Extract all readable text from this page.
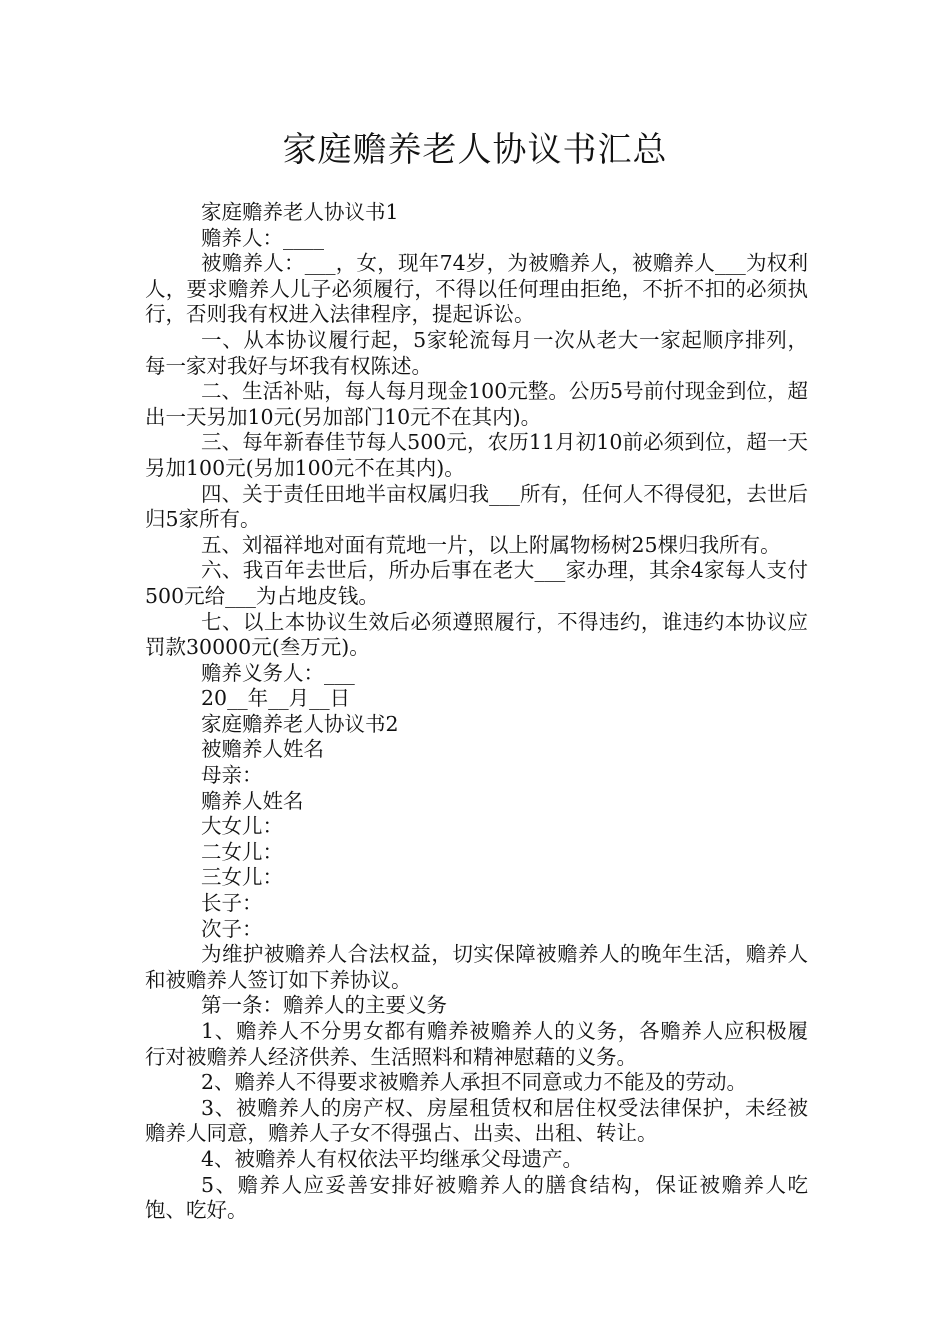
家庭赡养老人协议书汇总

家庭赡养老人协议书1

赡养人：____

被赡养人：___，女，现年74岁，为被赡养人，被赡养人___为权利人，要求赡养人儿子必须履行，不得以任何理由拒绝，不折不扣的必须执行，否则我有权进入法律程序，提起诉讼。

一、从本协议履行起，5家轮流每月一次从老大一家起顺序排列，每一家对我好与坏我有权陈述。

二、生活补贴，每人每月现金100元整。公历5号前付现金到位，超出一天另加10元(另加部门10元不在其内)。

三、每年新春佳节每人500元，农历11月初10前必须到位，超一天另加100元(另加100元不在其内)。

四、关于责任田地半亩权属归我___所有，任何人不得侵犯，去世后归5家所有。

五、刘福祥地对面有荒地一片，以上附属物杨树25棵归我所有。

六、我百年去世后，所办后事在老大___家办理，其余4家每人支付500元给___为占地皮钱。

七、以上本协议生效后必须遵照履行，不得违约，谁违约本协议应罚款30000元(叁万元)。

赡养义务人：___

20__年__月__日

家庭赡养老人协议书2

被赡养人姓名

母亲：

赡养人姓名

大女儿：

二女儿：

三女儿：

长子：

次子：

为维护被赡养人合法权益，切实保障被赡养人的晚年生活，赡养人和被赡养人签订如下养协议。

第一条：赡养人的主要义务

1、赡养人不分男女都有赡养被赡养人的义务，各赡养人应积极履行对被赡养人经济供养、生活照料和精神慰藉的义务。

2、赡养人不得要求被赡养人承担不同意或力不能及的劳动。

3、被赡养人的房产权、房屋租赁权和居住权受法律保护，未经被赡养人同意，赡养人子女不得强占、出卖、出租、转让。

4、被赡养人有权依法平均继承父母遗产。

5、赡养人应妥善安排好被赡养人的膳食结构，保证被赡养人吃饱、吃好。
